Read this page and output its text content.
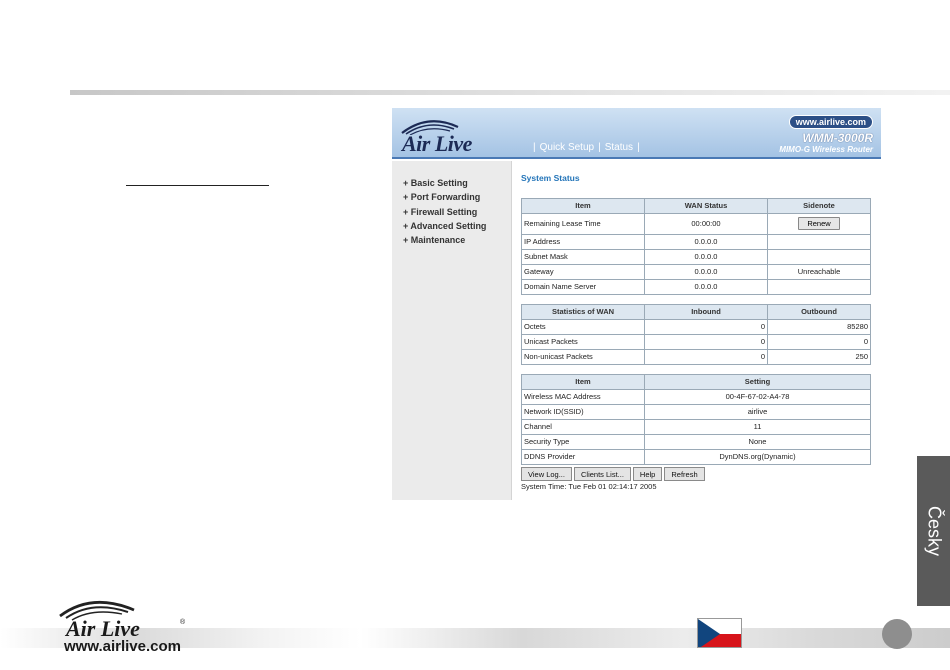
Air Live	| Quick Setup | Status |
www.airlive.com
WMM-3000R
MIMO-G Wireless Router
+ Basic Setting
+ Port Forwarding
+ Firewall Setting
+ Advanced Setting
+ Maintenance
System Status
Item	WAN Status	Sidenote
Remaining Lease Time	00:00:00	Renew
IP Address	0.0.0.0	
Subnet Mask	0.0.0.0	
Gateway	0.0.0.0	Unreachable
Domain Name Server	0.0.0.0	
Statistics of WAN	Inbound	Outbound
Octets	0	85280
Unicast Packets	0	0
Non-unicast Packets	0	250
Item	Setting
Wireless MAC Address	00-4F-67-02-A4-78
Network ID(SSID)	airlive
Channel	11
Security Type	None
DDNS Provider	DynDNS.org(Dynamic)
View Log...	Clients List...	Help	Refresh
System Time: Tue Feb 01 02:14:17 2005
Česky
Air Live	®
www.airlive.com
